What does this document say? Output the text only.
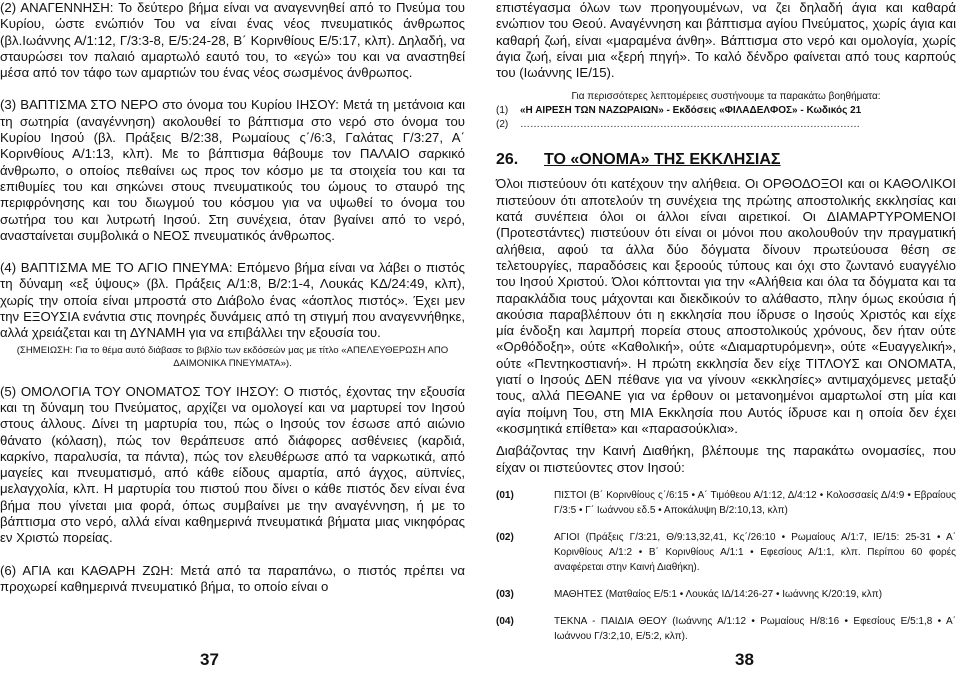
(2) ΑΝΑΓΕΝΝΗΣΗ: Το δεύτερο βήμα είναι να αναγεννηθεί από το Πνεύμα του Κυρίου, ώστε ενώπιόν Του να είναι ένας νέος πνευματικός άνθρωπος (βλ.Ιωάννης Α/1:12, Γ/3:3-8, Ε/5:24-28, Β΄ Κορινθίους Ε/5:17, κλπ). Δηλαδή, να σταυρώσει τον παλαιό αμαρτωλό εαυτό του, το «εγώ» του και να αναστηθεί μέσα από τον τάφο των αμαρτιών του ένας νέος σωσμένος άνθρωπος.

(3) ΒΑΠΤΙΣΜΑ ΣΤΟ ΝΕΡΟ στο όνομα του Κυρίου ΙΗΣΟΥ: Μετά τη μετάνοια και τη σωτηρία (αναγέννηση) ακολουθεί το βάπτισμα στο νερό στο όνομα του Κυρίου Ιησού (βλ. Πράξεις Β/2:38, Ρωμαίους ς΄/6:3, Γαλάτας Γ/3:27, Α΄ Κορινθίους Α/1:13, κλπ). Με το βάπτισμα θάβουμε τον ΠΑΛΑΙΟ σαρκικό άνθρωπο, ο οποίος πεθαίνει ως προς τον κόσμο με τα στοιχεία του και τα επιθυμίες του και σηκώνει στους πνευματικούς του ώμους το σταυρό της περιφρόνησης και του διωγμού του κόσμου για να υψωθεί το όνομα του σωτήρα του και λυτρωτή Ιησού. Στη συνέχεια, όταν βγαίνει από το νερό, ανασταίνεται συμβολικά ο ΝΕΟΣ πνευματικός άνθρωπος.

(4) ΒΑΠΤΙΣΜΑ ΜΕ ΤΟ ΑΓΙΟ ΠΝΕΥΜΑ: Επόμενο βήμα είναι να λάβει ο πιστός τη δύναμη «εξ ύψους» (βλ. Πράξεις Α/1:8, Β/2:1-4, Λουκάς ΚΔ/24:49, κλπ), χωρίς την οποία είναι μπροστά στο Διάβολο ένας «άοπλος πιστός». Έχει μεν την ΕΞΟΥΣΙΑ ενάντια στις πονηρές δυνάμεις από τη στιγμή που αναγεννήθηκε, αλλά χρειάζεται και τη ΔΥΝΑΜΗ για να επιβάλλει την εξουσία του.

(ΣΗΜΕΙΩΣΗ: Για το θέμα αυτό διάβασε το βιβλίο των εκδόσεών μας με τίτλο «ΑΠΕΛΕΥΘΕΡΩΣΗ ΑΠΟ ΔΑΙΜΟΝΙΚΑ ΠΝΕΥΜΑΤΑ»).

(5) ΟΜΟΛΟΓΙΑ ΤΟΥ ΟΝΟΜΑΤΟΣ ΤΟΥ ΙΗΣΟΥ: Ο πιστός, έχοντας την εξουσία και τη δύναμη του Πνεύματος, αρχίζει να ομολογεί και να μαρτυρεί τον Ιησού στους άλλους. Δίνει τη μαρτυρία του, πώς ο Ιησούς τον έσωσε από αιώνιο θάνατο (κόλαση), πώς τον θεράπευσε από διάφορες ασθένειες (καρδιά, καρκίνο, παραλυσία, τα πάντα), πώς τον ελευθέρωσε από τα ναρκωτικά, από μαγείες και πνευματισμό, από κάθε είδους αμαρτία, από άγχος, αϋπνίες, μελαγχολία, κλπ. Η μαρτυρία του πιστού που δίνει ο κάθε πιστός δεν είναι ένα βήμα που γίνεται μια φορά, όπως συμβαίνει με την αναγέννηση, ή με το βάπτισμα στο νερό, αλλά είναι καθημερινά πνευματικά βήματα μιας νικηφόρας εν Χριστώ πορείας.

(6) ΑΓΙΑ και ΚΑΘΑΡΗ ΖΩΗ: Μετά από τα παραπάνω, ο πιστός πρέπει να προχωρεί καθημερινά πνευματικό βήμα, το οποίο είναι ο

37

επιστέγασμα όλων των προηγουμένων, να ζει δηλαδή άγια και καθαρά ενώπιον του Θεού. Αναγέννηση και βάπτισμα αγίου Πνεύματος, χωρίς άγια και καθαρή ζωή, είναι «μαραμένα άνθη». Βάπτισμα στο νερό και ομολογία, χωρίς άγια ζωή, είναι μια «ξερή πηγή». Το καλό δένδρο φαίνεται από τους καρπούς του (Ιωάννης ΙΕ/15).

Για περισσότερες λεπτομέρειες συστήνουμε τα παρακάτω βοηθήματα:
(1)	«Η ΑΙΡΕΣΗ ΤΩΝ ΝΑΖΩΡΑΙΩΝ» - Εκδόσεις «ΦΙΛΑΔΕΛΦΟΣ» - Κωδικός 21
(2)	…………………………………………………………………………………………
26. ΤΟ «ΟΝΟΜΑ» ΤΗΣ ΕΚΚΛΗΣΙΑΣ

Όλοι πιστεύουν ότι κατέχουν την αλήθεια. Οι ΟΡΘΟΔΟΞΟΙ και οι ΚΑΘΟΛΙΚΟΙ πιστεύουν ότι αποτελούν τη συνέχεια της πρώτης αποστολικής εκκλησίας και κατά συνέπεια όλοι οι άλλοι είναι αιρετικοί. Οι ΔΙΑΜΑΡΤΥΡΟΜΕΝΟΙ (Προτεστάντες) πιστεύουν ότι είναι οι μόνοι που ακολουθούν την πραγματική αλήθεια, αφού τα άλλα δύο δόγματα δίνουν πρωτεύουσα θέση σε τελετουργίες, παραδόσεις και ξεροούς τύπους και όχι στο ζωντανό ευαγγέλιο του Ιησού Χριστού. Όλοι κόπτονται για την «Αλήθεια και όλα τα δόγματα και τα παρακλάδια τους μάχονται και διεκδικούν το αλάθαστο, πλην όμως εκούσια ή ακούσια παραβλέπουν ότι η εκκλησία που ίδρυσε ο Ιησούς Χριστός και είχε μία ένδοξη και λαμπρή πορεία στους αποστολικούς χρόνους, δεν ήταν ούτε «Ορθόδοξη», ούτε «Καθολική», ούτε «Διαμαρτυρόμενη», ούτε «Ευαγγελική», ούτε «Πεντηκοστιανή». Η πρώτη εκκλησία δεν είχε ΤΙΤΛΟΥΣ και ΟΝΟΜΑΤΑ, γιατί ο Ιησούς ΔΕΝ πέθανε για να γίνουν «εκκλησίες» αντιμαχόμενες μεταξύ τους, αλλά ΠΕΘΑΝΕ για να έρθουν οι μετανοημένοι αμαρτωλοί στη μία και αγία ποίμνη Του, στη ΜΙΑ Εκκλησία που Αυτός ίδρυσε και η οποία δεν έχει «κοσμητικά επίθετα» και «παρασούκλια».

Διαβάζοντας την Καινή Διαθήκη, βλέπουμε της παρακάτω ονομασίες, που είχαν οι πιστεύοντες στον Ιησού:

(01)	ΠΙΣΤΟΙ (Β΄ Κορινθίους ς΄/6:15 • Α΄ Τιμόθεου Α/1:12, Δ/4:12 • Κολοσσαείς Δ/4:9 • Εβραίους Γ/3:5 • Γ΄ Ιωάννου εδ.5 • Αποκάλυψη Β/2:10,13, κλπ)
(02)	ΑΓΙΟΙ (Πράξεις Γ/3:21, Θ/9:13,32,41, Κς΄/26:10 • Ρωμαίους Α/1:7, ΙΕ/15: 25-31 • Α΄ Κορινθίους Α/1:2 • Β΄ Κορινθίους Α/1:1 • Εφεσίους Α/1:1, κλπ. Περίπου 60 φορές αναφέρεται στην Καινή Διαθήκη).
(03)	ΜΑΘΗΤΕΣ (Ματθαίος Ε/5:1 • Λουκάς ΙΔ/14:26-27 • Ιωάννης Κ/20:19, κλπ)
(04)	ΤΕΚΝΑ - ΠΑΙΔΙΑ ΘΕΟΥ (Ιωάννης Α/1:12 • Ρωμαίους Η/8:16 • Εφεσίους Ε/5:1,8 • Α΄ Ιωάννου Γ/3:2,10, Ε/5:2, κλπ).
38
